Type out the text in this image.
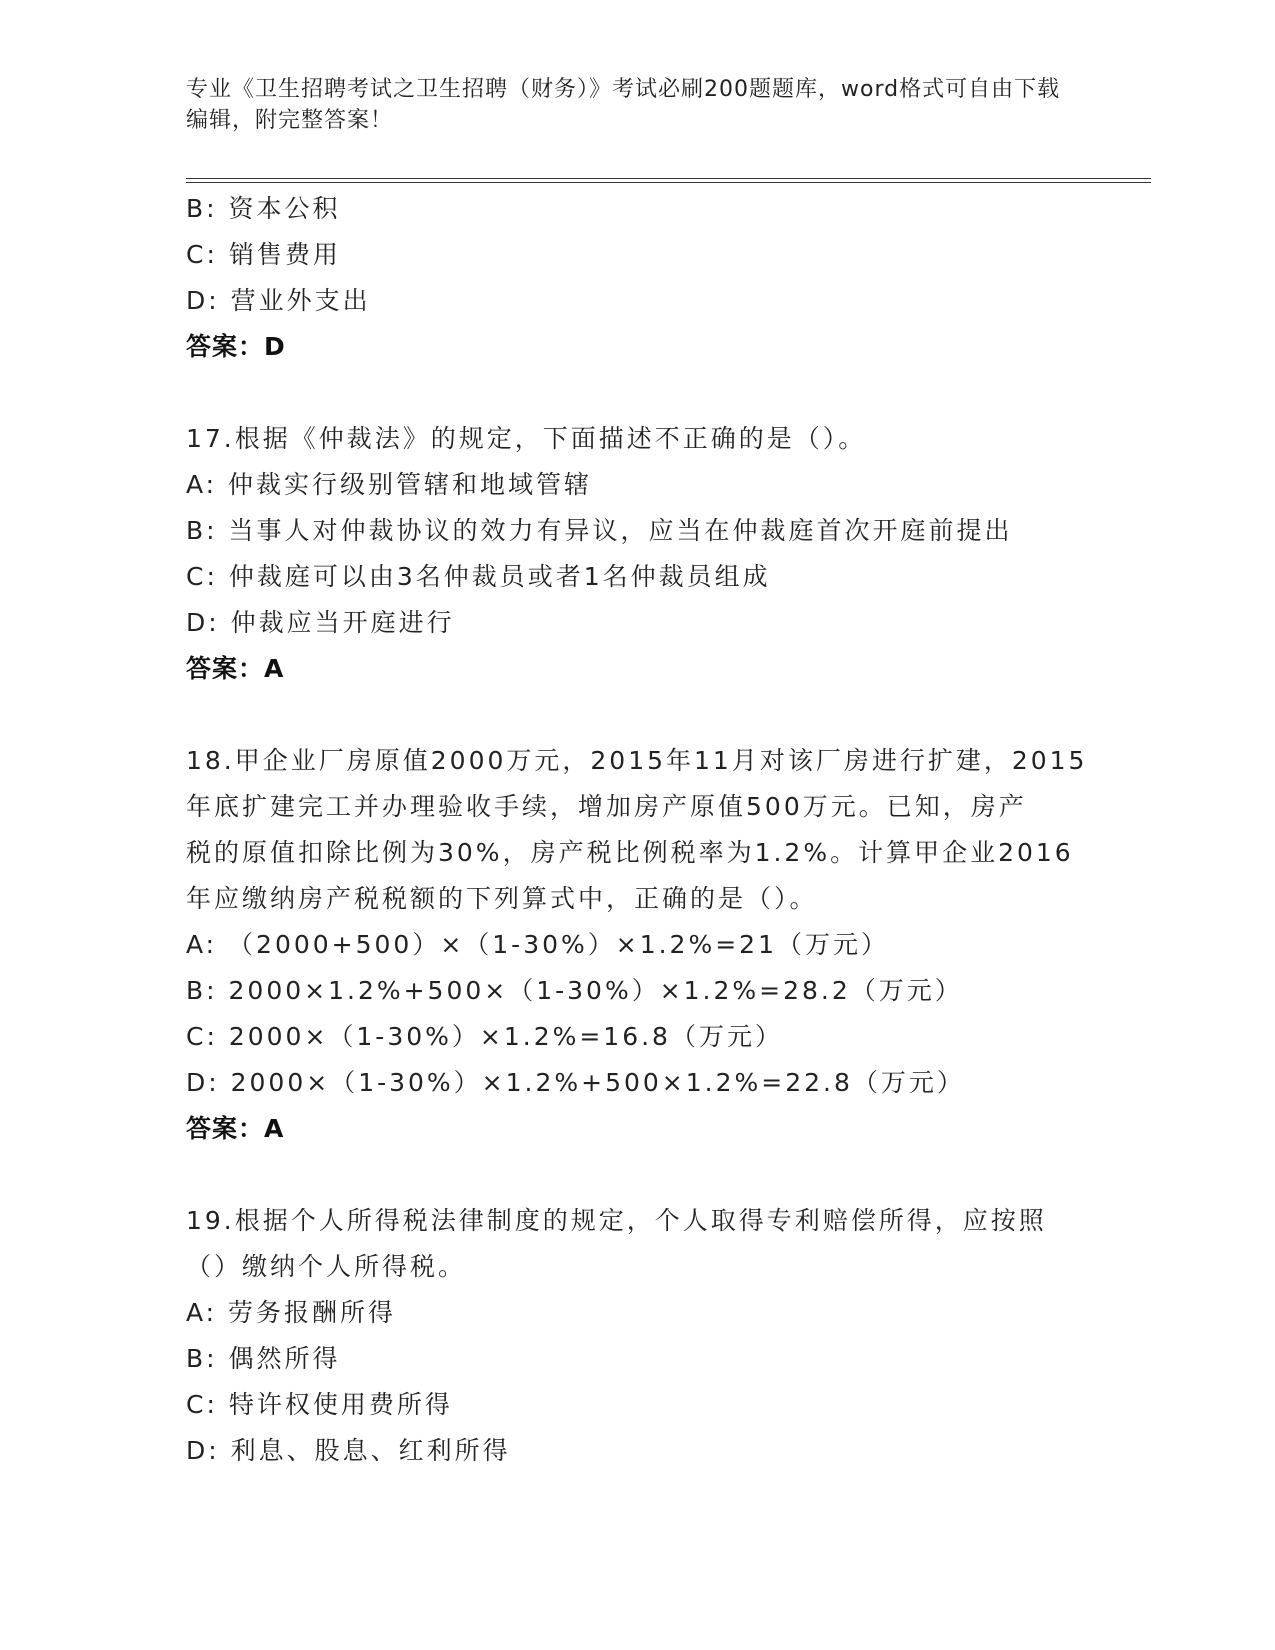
专业《卫生招聘考试之卫生招聘（财务）》考试必刷200题题库，word格式可自由下载编辑，附完整答案！
B: 资本公积
C: 销售费用
D: 营业外支出
答案：D
17.根据《仲裁法》的规定，下面描述不正确的是（）。
A: 仲裁实行级别管辖和地域管辖
B: 当事人对仲裁协议的效力有异议，应当在仲裁庭首次开庭前提出
C: 仲裁庭可以由3名仲裁员或者1名仲裁员组成
D: 仲裁应当开庭进行
答案：A
18.甲企业厂房原值2000万元，2015年11月对该厂房进行扩建，2015
年底扩建完工并办理验收手续，增加房产原值500万元。已知，房产
税的原值扣除比例为30%，房产税比例税率为1.2%。计算甲企业2016
年应缴纳房产税税额的下列算式中，正确的是（）。
A: （2000+500）×（1-30%）×1.2%=21（万元）
B: 2000×1.2%+500×（1-30%）×1.2%=28.2（万元）
C: 2000×（1-30%）×1.2%=16.8（万元）
D: 2000×（1-30%）×1.2%+500×1.2%=22.8（万元）
答案：A
19.根据个人所得税法律制度的规定，个人取得专利赔偿所得，应按照
（）缴纳个人所得税。
A: 劳务报酬所得
B: 偶然所得
C: 特许权使用费所得
D: 利息、股息、红利所得
